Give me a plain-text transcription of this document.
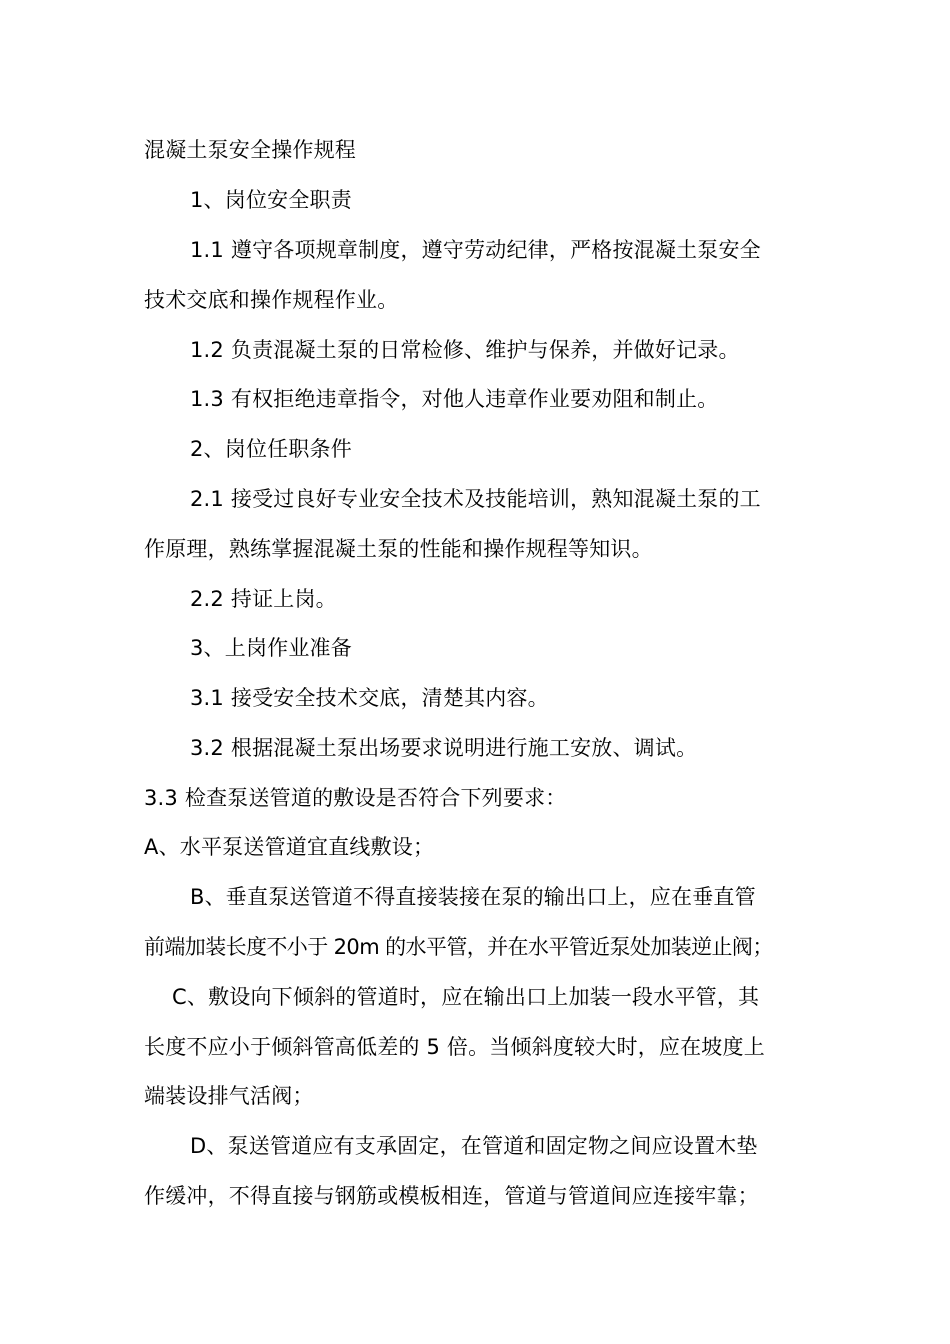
混凝土泵安全操作规程
1、岗位安全职责
1.1 遵守各项规章制度，遵守劳动纪律，严格按混凝土泵安全
技术交底和操作规程作业。
1.2 负责混凝土泵的日常检修、维护与保养，并做好记录。
1.3 有权拒绝违章指令，对他人违章作业要劝阻和制止。
2、岗位任职条件
2.1 接受过良好专业安全技术及技能培训，熟知混凝土泵的工
作原理，熟练掌握混凝土泵的性能和操作规程等知识。
2.2 持证上岗。
3、上岗作业准备
3.1 接受安全技术交底，清楚其内容。
3.2 根据混凝土泵出场要求说明进行施工安放、调试。
3.3 检查泵送管道的敷设是否符合下列要求：
A、水平泵送管道宜直线敷设；
B、垂直泵送管道不得直接装接在泵的输出口上，应在垂直管
前端加装长度不小于 20m 的水平管，并在水平管近泵处加装逆止阀；
C、敷设向下倾斜的管道时，应在输出口上加装一段水平管，其
长度不应小于倾斜管高低差的 5 倍。当倾斜度较大时，应在坡度上
端装设排气活阀；
D、泵送管道应有支承固定，在管道和固定物之间应设置木垫
作缓冲，不得直接与钢筋或模板相连，管道与管道间应连接牢靠；
